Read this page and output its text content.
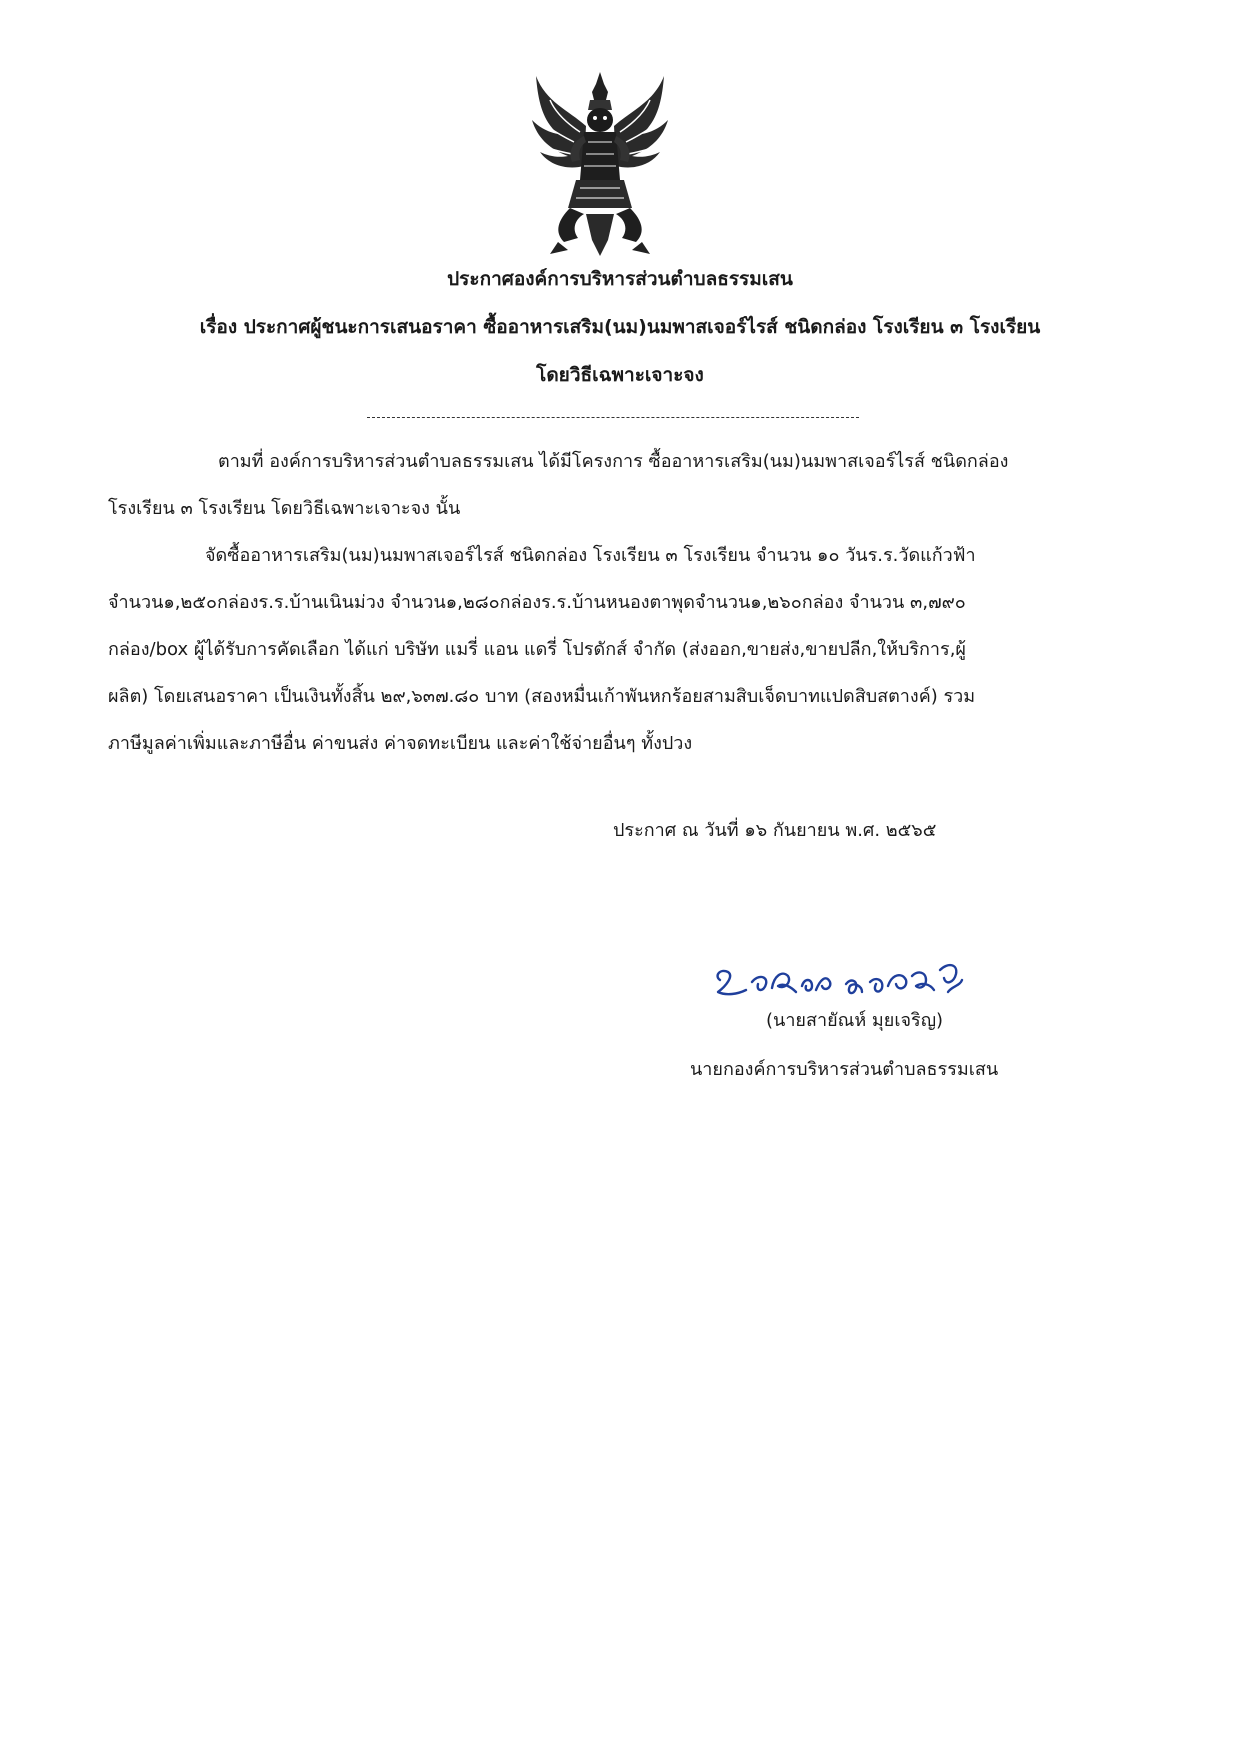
ประกาศองค์การบริหารส่วนตำบลธรรมเสน
เรื่อง ประกาศผู้ชนะการเสนอราคา ซื้ออาหารเสริม(นม)นมพาสเจอร์ไรส์ ชนิดกล่อง โรงเรียน ๓ โรงเรียน
โดยวิธีเฉพาะเจาะจง
ตามที่ องค์การบริหารส่วนตำบลธรรมเสน ได้มีโครงการ ซื้ออาหารเสริม(นม)นมพาสเจอร์ไรส์ ชนิดกล่อง
โรงเรียน ๓ โรงเรียน โดยวิธีเฉพาะเจาะจง นั้น
จัดซื้ออาหารเสริม(นม)นมพาสเจอร์ไรส์ ชนิดกล่อง โรงเรียน ๓ โรงเรียน จำนวน ๑๐ วันร.ร.วัดแก้วฟ้า
จำนวน๑,๒๕๐กล่องร.ร.บ้านเนินม่วง จำนวน๑,๒๘๐กล่องร.ร.บ้านหนองตาพุดจำนวน๑,๒๖๐กล่อง จำนวน ๓,๗๙๐
กล่อง/box ผู้ได้รับการคัดเลือก ได้แก่ บริษัท แมรี่ แอน แดรี่ โปรดักส์ จำกัด (ส่งออก,ขายส่ง,ขายปลีก,ให้บริการ,ผู้
ผลิต) โดยเสนอราคา เป็นเงินทั้งสิ้น ๒๙,๖๓๗.๘๐ บาท (สองหมื่นเก้าพันหกร้อยสามสิบเจ็ดบาทแปดสิบสตางค์) รวม
ภาษีมูลค่าเพิ่มและภาษีอื่น ค่าขนส่ง ค่าจดทะเบียน และค่าใช้จ่ายอื่นๆ ทั้งปวง
ประกาศ ณ วันที่ ๑๖ กันยายน พ.ศ. ๒๕๖๕
(นายสายัณห์ มุยเจริญ)
นายกองค์การบริหารส่วนตำบลธรรมเสน
